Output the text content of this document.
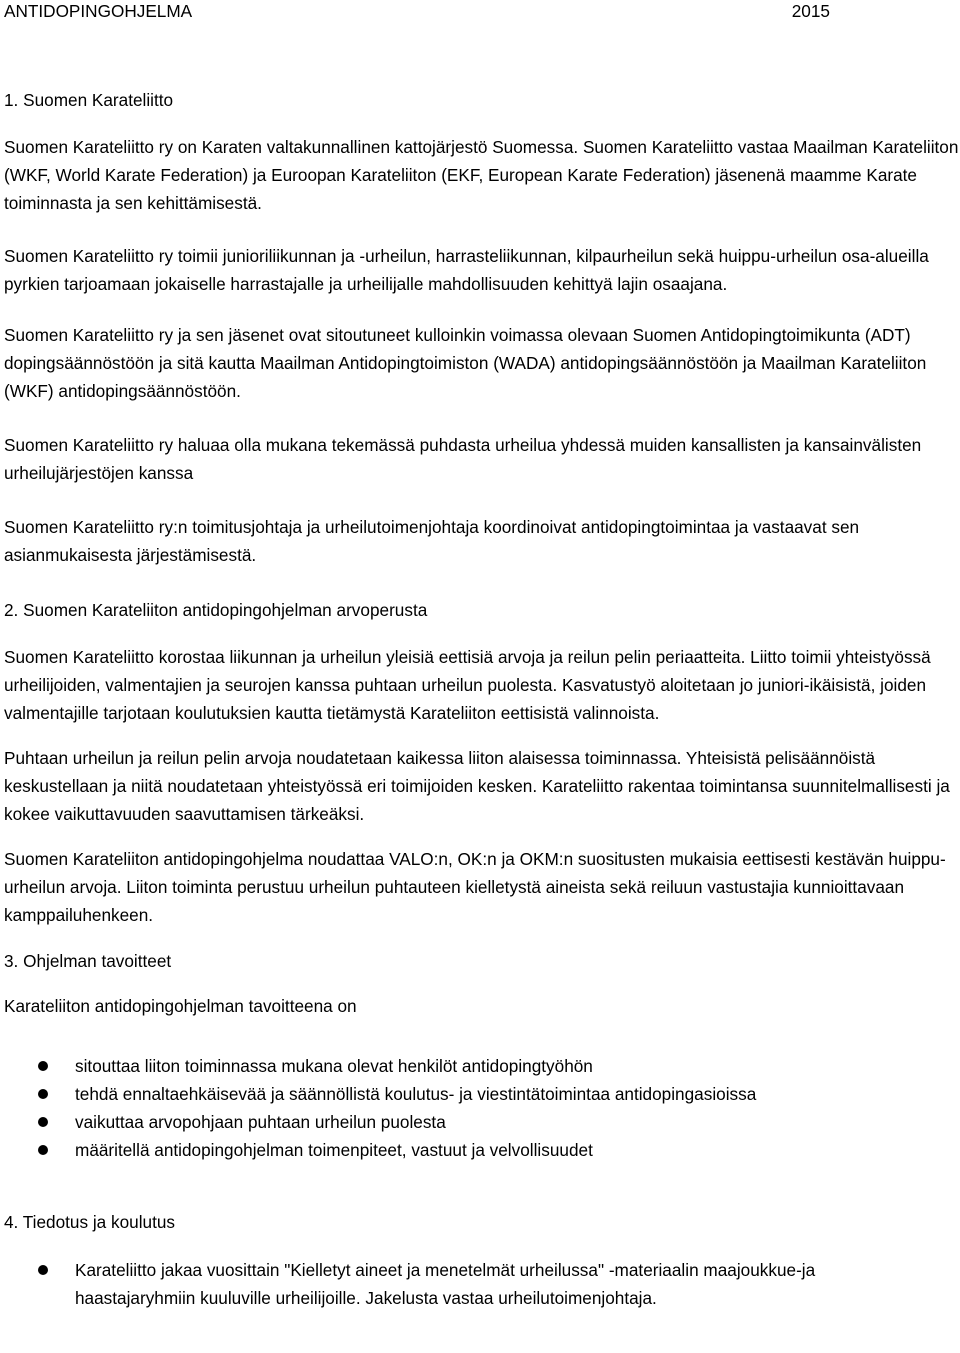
ANTIDOPINGOHJELMA	2015
1. Suomen Karateliitto

Suomen Karateliitto ry on Karaten valtakunnallinen kattojärjestö Suomessa. Suomen Karateliitto vastaa Maailman Karateliiton (WKF, World Karate Federation) ja Euroopan Karateliiton (EKF, European Karate Federation) jäsenenä maamme Karate toiminnasta ja sen kehittämisestä.

Suomen Karateliitto ry toimii junioriliikunnan ja -urheilun, harrasteliikunnan, kilpaurheilun sekä huippu-urheilun osa-alueilla pyrkien tarjoamaan jokaiselle harrastajalle ja urheilijalle mahdollisuuden kehittyä lajin osaajana.

Suomen Karateliitto ry ja sen jäsenet ovat sitoutuneet kulloinkin voimassa olevaan Suomen Antidopingtoimikunta (ADT) dopingsäännöstöön ja sitä kautta Maailman Antidopingtoimiston (WADA) antidopingsäännöstöön ja Maailman Karateliiton (WKF) antidopingsäännöstöön.

Suomen Karateliitto ry haluaa olla mukana tekemässä puhdasta urheilua yhdessä muiden kansallisten ja kansainvälisten urheilujärjestöjen kanssa

Suomen Karateliitto ry:n toimitusjohtaja ja urheilutoimenjohtaja koordinoivat antidopingtoimintaa ja vastaavat sen asianmukaisesta järjestämisestä.

2. Suomen Karateliiton antidopingohjelman arvoperusta

Suomen Karateliitto korostaa liikunnan ja urheilun yleisiä eettisiä arvoja ja reilun pelin periaatteita. Liitto toimii yhteistyössä urheilijoiden, valmentajien ja seurojen kanssa puhtaan urheilun puolesta. Kasvatustyö aloitetaan jo juniori-ikäisistä, joiden valmentajille tarjotaan koulutuksien kautta tietämystä Karateliiton eettisistä valinnoista.

Puhtaan urheilun ja reilun pelin arvoja noudatetaan kaikessa liiton alaisessa toiminnassa. Yhteisistä pelisäännöistä keskustellaan ja niitä noudatetaan yhteistyössä eri toimijoiden kesken. Karateliitto rakentaa toimintansa suunnitelmallisesti ja kokee vaikuttavuuden saavuttamisen tärkeäksi.

Suomen Karateliiton antidopingohjelma noudattaa VALO:n, OK:n ja OKM:n suositusten mukaisia eettisesti kestävän huippu-urheilun arvoja. Liiton toiminta perustuu urheilun puhtauteen kielletystä aineista sekä reiluun vastustajia kunnioittavaan kamppailuhenkeen.

3. Ohjelman tavoitteet

Karateliiton antidopingohjelman tavoitteena on

sitouttaa liiton toiminnassa mukana olevat henkilöt antidopingtyöhön
tehdä ennaltaehkäisevää ja säännöllistä koulutus- ja viestintätoimintaa antidopingasioissa
vaikuttaa arvopohjaan puhtaan urheilun puolesta
määritellä antidopingohjelman toimenpiteet, vastuut ja velvollisuudet
4. Tiedotus ja koulutus
Karateliitto jakaa vuosittain "Kielletyt aineet ja menetelmät urheilussa" -materiaalin maajoukkue-ja haastajaryhmiin kuuluville urheilijoille. Jakelusta vastaa urheilutoimenjohtaja.
